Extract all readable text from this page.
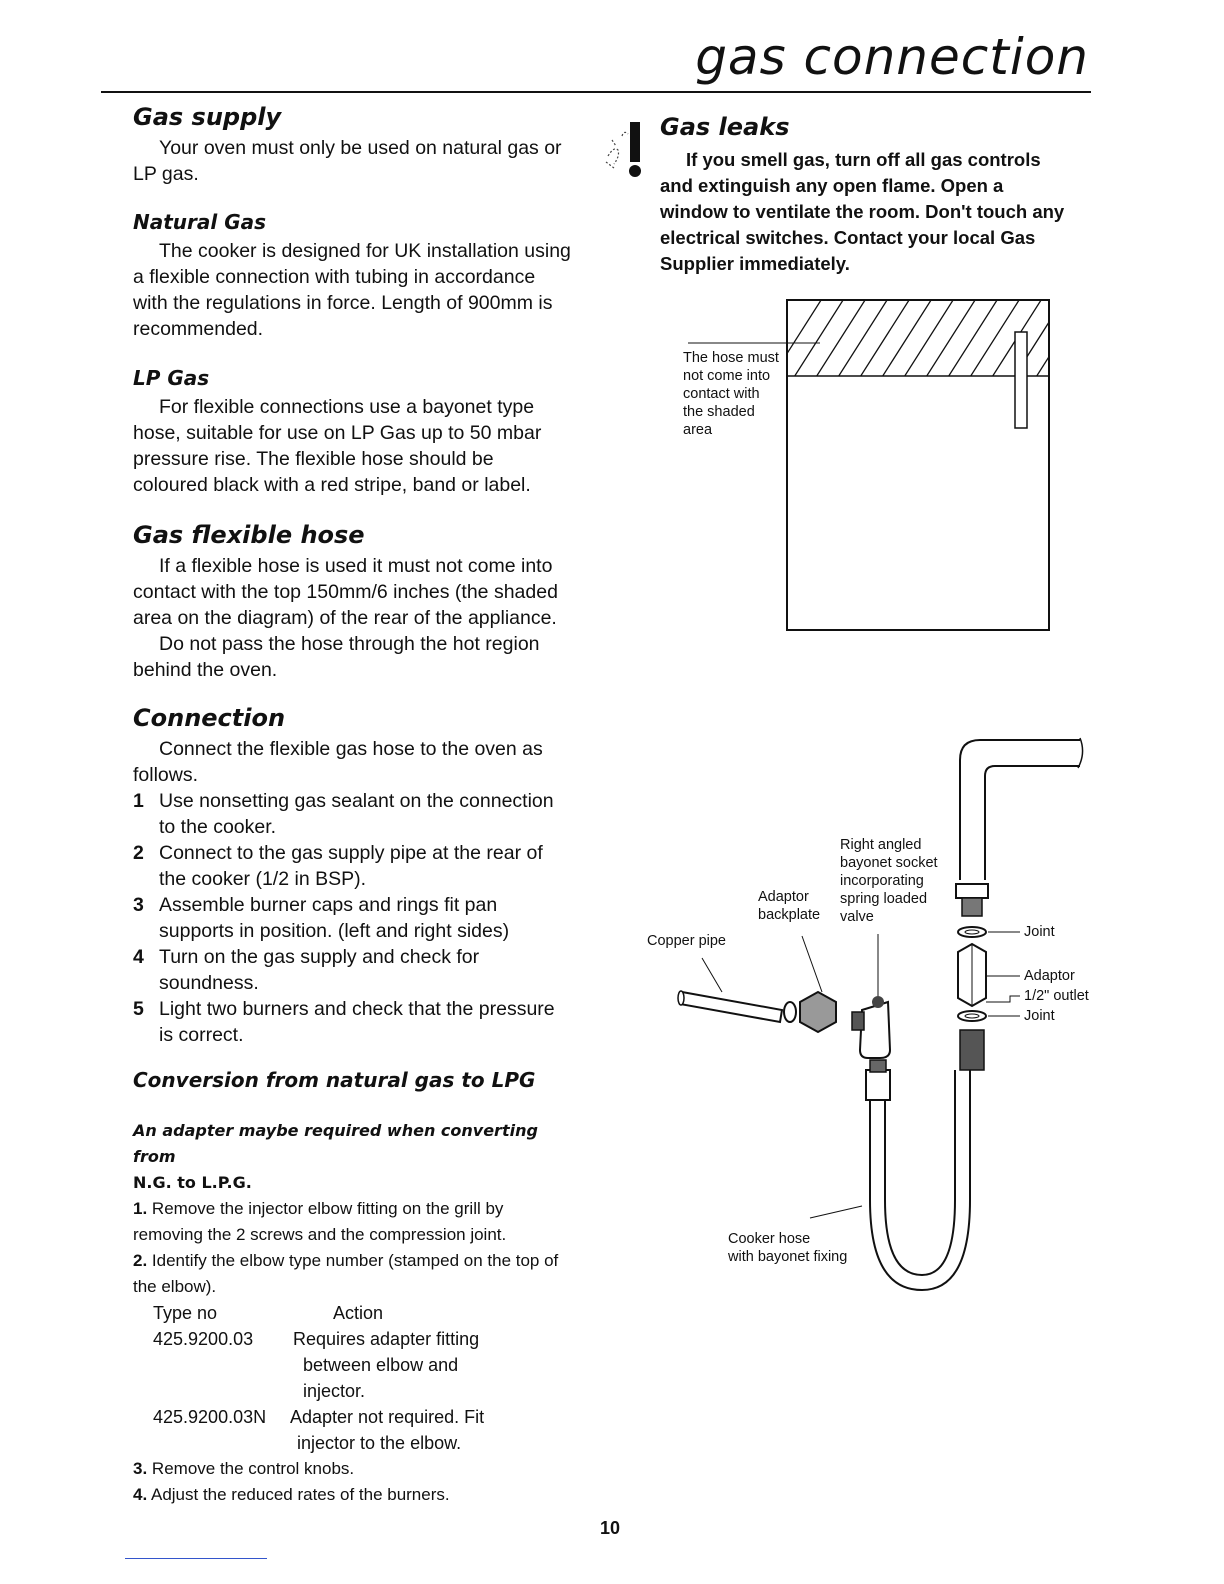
gas connection
Gas supply

Your oven must only be used on natural gas or LP gas.

Natural Gas

The cooker is designed for UK installation using a flexible connection with tubing in accordance with the regulations in force. Length of 900mm is recommended.

LP Gas

For flexible connections use a bayonet type hose, suitable for use on LP Gas up to 50 mbar pressure rise. The flexible hose should be coloured black with a red stripe, band or label.

Gas flexible hose

If a flexible hose is used it must not come into contact with the top 150mm/6 inches (the shaded area on the diagram) of the rear of the appliance.

Do not pass the hose through the hot region behind the oven.

Connection

Connect the flexible gas hose to the oven as follows.

1 Use nonsetting gas sealant on the connection to the cooker.
2 Connect to the gas supply pipe at the rear of the cooker (1/2 in BSP).
3 Assemble burner caps and rings fit pan supports in position. (left and right sides)
4 Turn on the gas supply and check for soundness.
5 Light two burners and check that the pressure is correct.
Conversion from natural gas to LPG
An adapter maybe required when converting from
N.G. to L.P.G.

1. Remove the injector elbow fitting on the grill by removing the 2 screws and the compression joint.

2. Identify the elbow type number (stamped on the top of the elbow).

Type no	Action
425.9200.03	Requires adapter fitting
between elbow and injector.

425.9200.03N	Adapter not required. Fit
injector to the elbow.

3. Remove the control knobs.

4. Adjust the reduced rates of the burners.

Gas leaks

If you smell gas, turn off all gas controls and extinguish any open flame. Open a window to ventilate the room. Don't touch any electrical switches. Contact your local Gas Supplier immediately.

The hose must
not come into
contact with
the shaded
area
Copper pipe
Adaptor
backplate
Right angled
bayonet socket
incorporating
spring loaded
valve
Joint
Adaptor
1/2" outlet
Joint
Cooker hose
with bayonet fixing
10
